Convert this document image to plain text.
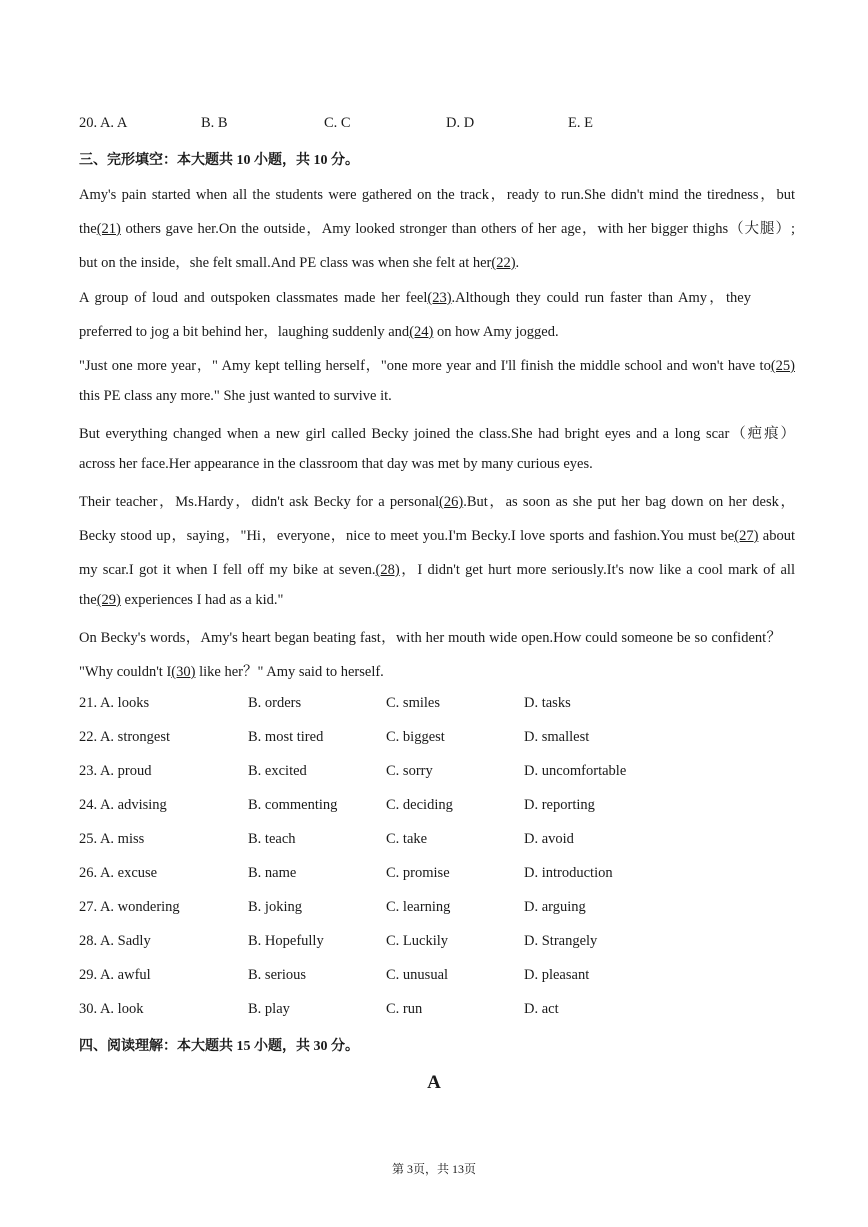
20. A. A	B. B	C. C	D. D	E. E
三、完形填空：本大题共 10 小题，共 10 分。
Amy's pain started when all the students were gathered on the track，ready to run.She didn't mind the tiredness，but
the(21) others gave her.On the outside，Amy looked stronger than others of her age，with her bigger thighs（大腿）;
but on the inside，she felt small.And PE class was when she felt at her(22).
A group of loud and outspoken classmates made her feel(23).Although they could run faster than Amy，they
preferred to jog a bit behind her，laughing suddenly and(24) on how Amy jogged.
"Just one more year，" Amy kept telling herself，"one more year and I'll finish the middle school and won't have to(25)
this PE class any more." She just wanted to survive it.
But everything changed when a new girl called Becky joined the class.She had bright eyes and a long scar（疤痕）
across her face.Her appearance in the classroom that day was met by many curious eyes.
Their teacher，Ms.Hardy，didn't ask Becky for a personal(26).But，as soon as she put her bag down on her desk，
Becky stood up，saying，"Hi，everyone，nice to meet you.I'm Becky.I love sports and fashion.You must be(27) about
my scar.I got it when I fell off my bike at seven.(28)，I didn't get hurt more seriously.It's now like a cool mark of all
the(29) experiences I had as a kid."
On Becky's words，Amy's heart began beating fast，with her mouth wide open.How could someone be so confident？
"Why couldn't I(30) like her？" Amy said to herself.
21. A. looks	B. orders	C. smiles	D. tasks
22. A. strongest	B. most tired	C. biggest	D. smallest
23. A. proud	B. excited	C. sorry	D. uncomfortable
24. A. advising	B. commenting	C. deciding	D. reporting
25. A. miss	B. teach	C. take	D. avoid
26. A. excuse	B. name	C. promise	D. introduction
27. A. wondering	B. joking	C. learning	D. arguing
28. A. Sadly	B. Hopefully	C. Luckily	D. Strangely
29. A. awful	B. serious	C. unusual	D. pleasant
30. A. look	B. play	C. run	D. act
四、阅读理解：本大题共 15 小题，共 30 分。
A
第 3页，共 13页
